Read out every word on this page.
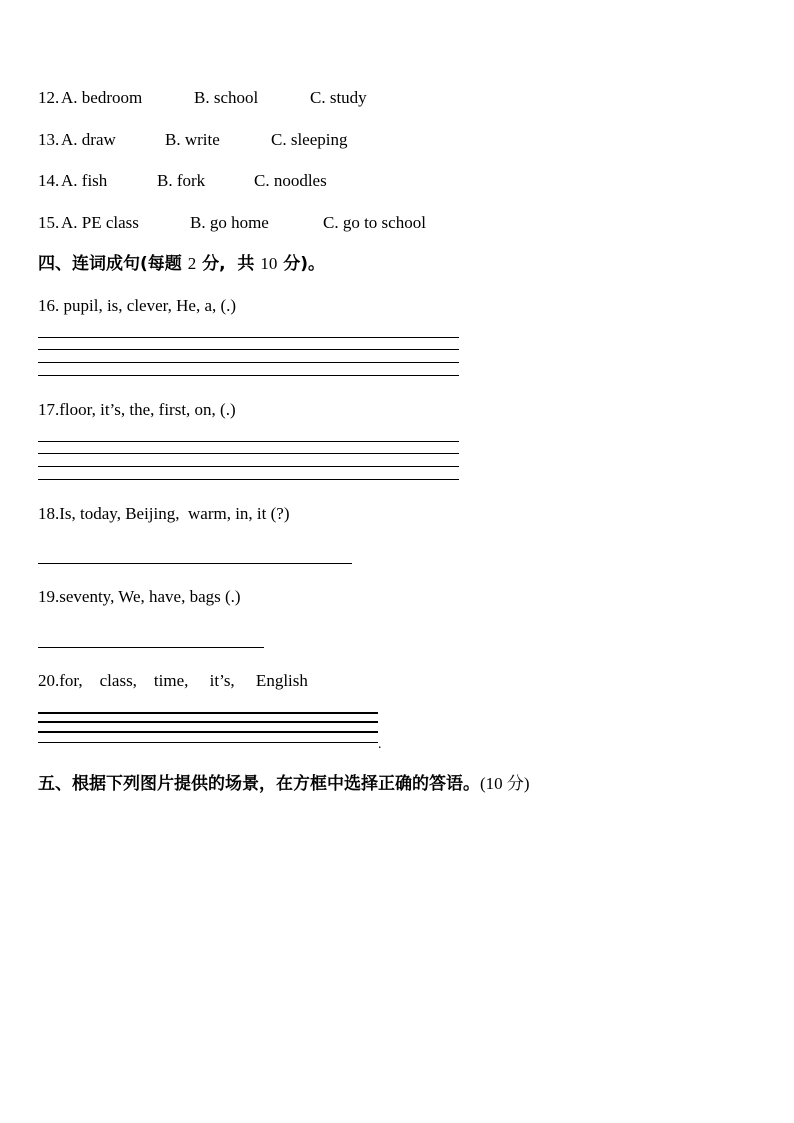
12. A. bedroom	B. school	C. study
13. A. draw	B. write	C. sleeping
14. A. fish	B. fork	C. noodles
15. A. PE class	B. go home	C. go to school
四、连词成句(每题 2 分,  共 10 分)。
16. pupil, is, clever, He, a, (.)
17.floor, it’s, the, first, on, (.)
18.Is, today, Beijing,  warm, in, it (?)
19.seventy, We, have, bags (.)
20.for,    class,    time,     it’s,     English
.
五、根据下列图片提供的场景，在方框中选择正确的答语。(10 分)
